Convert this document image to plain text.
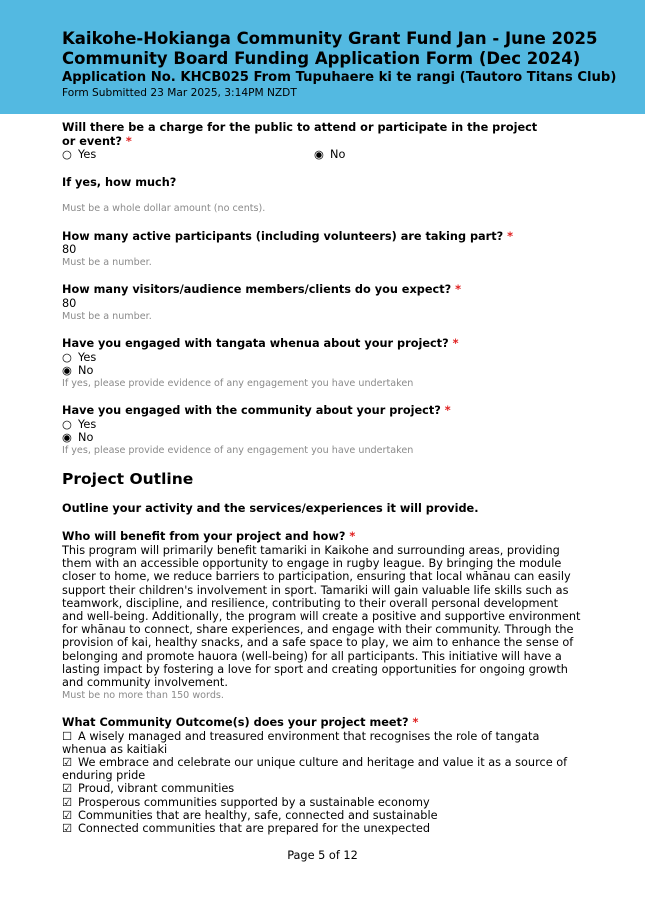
Kaikohe-Hokianga Community Grant Fund Jan - June 2025
Community Board Funding Application Form (Dec 2024)
Application No. KHCB025 From Tupuhaere ki te rangi (Tautoro Titans Club)
Form Submitted 23 Mar 2025, 3:14PM NZDT
Will there be a charge for the public to attend or participate in the project or event? *
○ Yes	◉ No
If yes, how much?
Must be a whole dollar amount (no cents).
How many active participants (including volunteers) are taking part? *
80
Must be a number.
How many visitors/audience members/clients do you expect? *
80
Must be a number.
Have you engaged with tangata whenua about your project? *
○ Yes
◉ No
If yes, please provide evidence of any engagement you have undertaken
Have you engaged with the community about your project? *
○ Yes
◉ No
If yes, please provide evidence of any engagement you have undertaken
Project Outline
Outline your activity and the services/experiences it will provide.
Who will benefit from your project and how? *
This program will primarily benefit tamariki in Kaikohe and surrounding areas, providing
them with an accessible opportunity to engage in rugby league. By bringing the module
closer to home, we reduce barriers to participation, ensuring that local whānau can easily
support their children's involvement in sport. Tamariki will gain valuable life skills such as
teamwork, discipline, and resilience, contributing to their overall personal development
and well-being. Additionally, the program will create a positive and supportive environment
for whānau to connect, share experiences, and engage with their community. Through the
provision of kai, healthy snacks, and a safe space to play, we aim to enhance the sense of
belonging and promote hauora (well-being) for all participants. This initiative will have a
lasting impact by fostering a love for sport and creating opportunities for ongoing growth
and community involvement.
Must be no more than 150 words.
What Community Outcome(s) does your project meet? *
☐ A wisely managed and treasured environment that recognises the role of tangata
whenua as kaitiaki
☑ We embrace and celebrate our unique culture and heritage and value it as a source of
enduring pride
☑ Proud, vibrant communities
☑ Prosperous communities supported by a sustainable economy
☑ Communities that are healthy, safe, connected and sustainable
☑ Connected communities that are prepared for the unexpected
Page 5 of 12
